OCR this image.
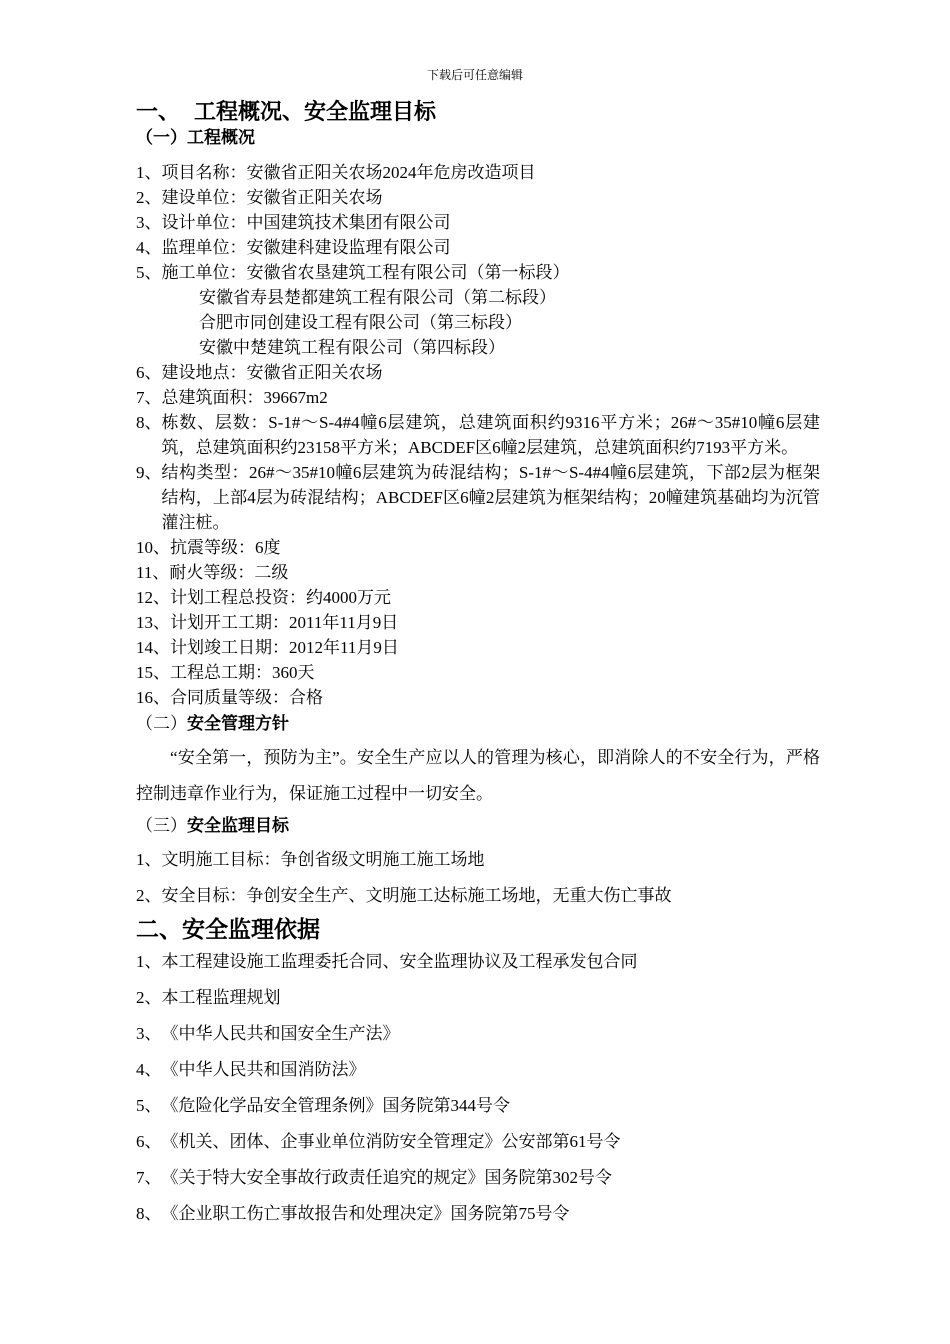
下载后可任意编辑
一、 工程概况、安全监理目标
（一）工程概况
1、 项目名称：安徽省正阳关农场2024年危房改造项目
2、 建设单位：安徽省正阳关农场
3、 设计单位：中国建筑技术集团有限公司
4、 监理单位：安徽建科建设监理有限公司
5、 施工单位：安徽省农垦建筑工程有限公司（第一标段）
安徽省寿县楚都建筑工程有限公司（第二标段）
合肥市同创建设工程有限公司（第三标段）
安徽中楚建筑工程有限公司（第四标段）
6、 建设地点：安徽省正阳关农场
7、 总建筑面积：39667m2
8、 栋数、层数：S-1#～S-4#4幢6层建筑，总建筑面积约9316平方米；26#～35#10幢6层建筑，总建筑面积约23158平方米；ABCDEF区6幢2层建筑，总建筑面积约7193平方米。
9、 结构类型：26#～35#10幢6层建筑为砖混结构；S-1#～S-4#4幢6层建筑，下部2层为框架结构，上部4层为砖混结构；ABCDEF区6幢2层建筑为框架结构；20幢建筑基础均为沉管灌注桩。
10、 抗震等级：6度
11、 耐火等级：二级
12、 计划工程总投资：约4000万元
13、 计划开工工期：2011年11月9日
14、 计划竣工日期：2012年11月9日
15、 工程总工期：360天
16、 合同质量等级：合格
（二）安全管理方针

“安全第一，预防为主”。安全生产应以人的管理为核心，即消除人的不安全行为，严格控制违章作业行为，保证施工过程中一切安全。

（三）安全监理目标
1、 文明施工目标：争创省级文明施工施工场地
2、 安全目标：争创安全生产、文明施工达标施工场地，无重大伤亡事故
二、安全监理依据
1、 本工程建设施工监理委托合同、安全监理协议及工程承发包合同
2、 本工程监理规划
3、 《中华人民共和国安全生产法》
4、 《中华人民共和国消防法》
5、 《危险化学品安全管理条例》国务院第344号令
6、 《机关、团体、企事业单位消防安全管理定》公安部第61号令
7、 《关于特大安全事故行政责任追究的规定》国务院第302号令
8、 《企业职工伤亡事故报告和处理决定》国务院第75号令
